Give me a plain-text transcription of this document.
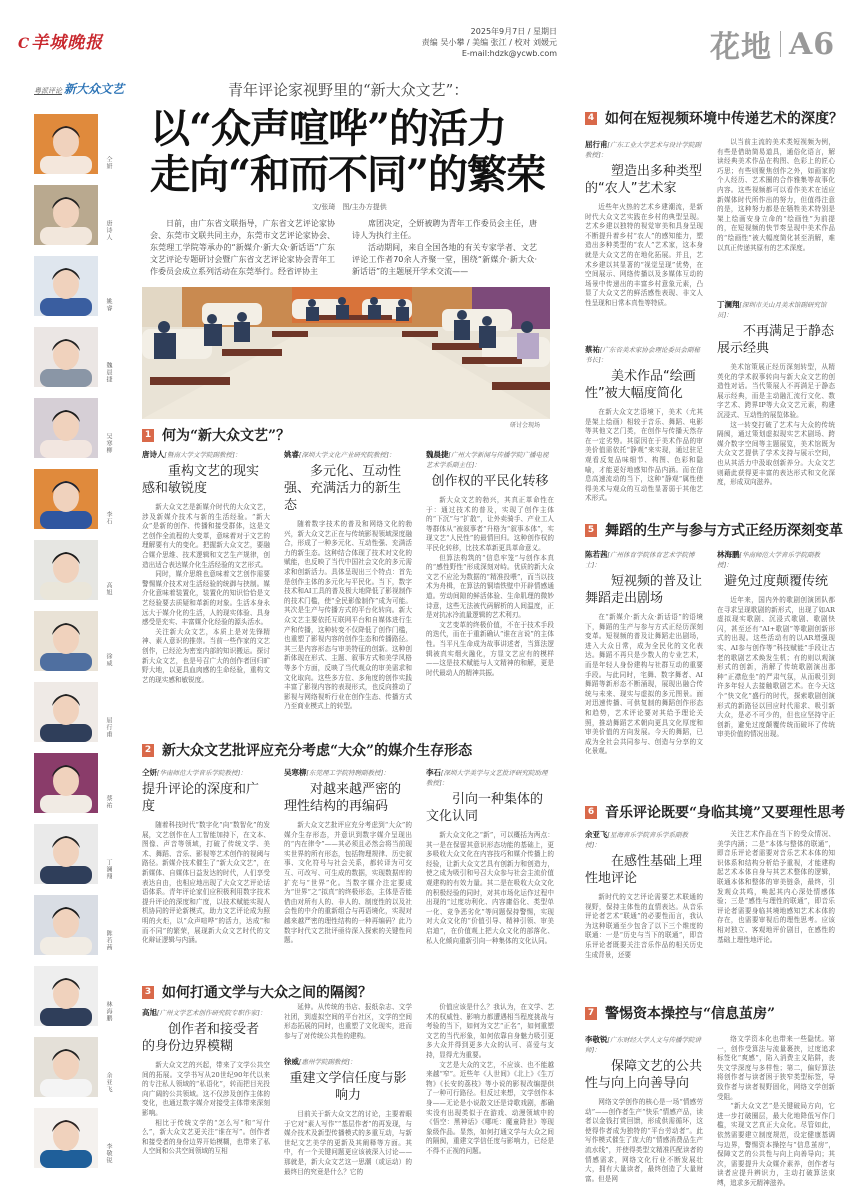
C羊城晚报
2025年9月7日 / 星期日
责编 吴小攀 / 美编 张江 / 校对 刘媛元
E-mail:hdzk@ycwb.com	花地 A6
粤派评论 新大众文艺	青年评论家视野里的“新大众文艺”：
以“众声喧哗”的活力
走向“和而不同”的繁荣
文/张琦　图/主办方提供

日前，由广东省文联指导，广东省文艺评论家协会、东莞市文联共同主办，东莞市文艺评论家协会、东莞理工学院等承办的“新媒介·新大众·新话语”广东文艺评论专题研讨会暨广东省文艺评论家协会青年工作委员会成立系列活动在东莞举行。经省评协主

席团决定，仝妍被聘为青年工作委员会主任，唐诗人为执行主任。

活动期间，来自全国各地的有关专家学者、文艺评论工作者70余人齐聚一堂，围绕“新媒介·新大众·新话语”的主题展开学术交流——

研讨会现场
仝妍
唐诗人
姚睿
魏晨捷
吴寒柳
李石
高旭
徐威
屈行甫
蔡祐
丁澜翔
陈若茜
林海鹏
余亚飞
李敬锐
1 何为“新大众文艺”？
唐诗人[暨南大学文学院副教授]：
重构文艺的现实感和敏锐度

新大众文艺是新媒介时代的大众文艺，涉及新媒介技术与新的生活经验。“新大众”是新的创作、传播和接受群体，这是文艺创作全流程的大变革，意味着对于文艺的理解要有大的变化。把握新大众文艺，要融合媒介思维、技术逻辑和文艺生产规律，创造出适合表达媒介化生活经验的文艺形式。

同时，媒介思维也意味着文艺创作需要警惕媒介技术对生活经验的统御与挟制。媒介化意味着装置化，装置化的知识恰恰是文艺经验要去质疑和革新的对象。生活本身永远大于媒介化的生活，人的现实体验、具身感受是充实、丰富媒介化经验的源头活水。

关注新大众文艺，本质上是对先锋精神、素人意识的推崇。当前一些作家的文艺创作，已经沦为密室内部的知识搬运。探讨新大众文艺，也是号召广大的创作者回归旷野大地，以更具血肉感的生命经验，重构文艺的现实感和敏锐度。

姚睿[深圳大学文化产业研究院教授]：
多元化、互动性强、充满活力的新生态

随着数字技术的普及和网络文化的勃兴，新大众文艺正在与传统影视领域深度融合，形成了一种多元化、互动性强、充满活力的新生态。这种结合体现了技术对文化的赋能，也反映了当代中国社会文化的多元需求和创新活力。具体呈现出三个特点：首先是创作主体的多元化与平民化。当下，数字技术和AI工具的普及极大地降低了影视制作的技术门槛，使“全民影像制作”成为可能。其次是生产与传播方式的平台化转向。新大众文艺主要依托互联网平台和自媒体进行生产和传播，这种转变不仅降低了创作门槛，也重塑了影视内容的创作生态和传播路径。其三是内容形态与审美特征的创新。这种创新体现在形式、主题、叙事方式和美学风格等多个方面，反映了当代观众的审美需求和文化取向。这些多方位、多角度的创作实践丰富了影视内容的表现形式，也反向推动了影视与网络视听行业在创作生态、传播方式乃至商业模式上的转型。

魏晨捷[广州大学新闻与传播学院广播电视艺术学系副主任]：
创作权的平民化转移

新大众文艺的勃兴，其真正革命性在于：通过技术的普及，实现了创作主体的“下沉”与“扩散”，让外卖骑手、产业工人等群体从“被叙事者”升格为“叙事本体”，实现文艺“人民性”的最情回归。这种创作权的平民化转移，比技术革新更具革命意义。

但算法构筑的“信息牢笼”与创作本真的“感性野性”形成深刻对峙。优质的新大众文艺不应沦为数据的“精准投喂”，而当以技术为舟楫，在算法的铜墙铁壁中开辟情感通道。劳动间隙的鲜活体验、生命肌理的微妙诗意，这些无法被代码解析的人间温度，正是对抗冰冷流量逻辑的艺术利刃。

文艺变革的终极价值，不在于技术手段的迭代，而在于重新确认“谁在言说”的主体性。当平凡生命成为故事讲述者，当算法逻辑被真实烟火融化，方显文艺应有的模样——这是技术赋能与人文精神的和解，更是时代最动人的精神共振。

2 新大众文艺批评应充分考虑“大众”的媒介生存形态
仝妍[华南师范大学音乐学院教授]：
提升评论的深度和广度

随着科技时代“数字化”向“数智化”的发展，文艺创作在人工智能加持下，在文本、图像、声音等领域，打破了传统文学、美术、舞蹈、音乐、影视等艺术创作的视阈与路径。新媒介技术催生了“新大众文艺”，在新媒体、自媒体日益发达的时代，人们享受表达自由，也相应地出现了大众文艺评论话语体系。青年评论家们应积极利用数字技术提升评论的深度和广度，以技术赋能实现人机协同的评论新模式，助力文艺评论成为照明的火炬，以“众声喧哗”的活力，达成“和而不同”的繁荣，展现新大众文艺时代的文化辩证逻辑与内涵。

吴寒柳[东莞理工学院特聘副教授]：
对越来越严密的理性结构的再编码

新大众文艺批评应充分考虑到“大众”的媒介生存形态，并意识到数字媒介呈现出的“内在律令”——其必须且必然会将当前现实世界的所有形态，包括物理规律、历史叙事、文化符号与社会关系，都转译为可交互、可改写、可生成的数据，实现数据库的扩充与“世界”化。当数字媒介注定要成为“世界”之“拟真”的终极形态，主体是否能借由对所有人的、非人的、制度性的以及社会性的中介的重新组合与再语境化，实现对越来越严密的理性结构的一种再编码？此乃数字时代文艺批评亟待深入探索的关键性问题。

李石[深圳大学美学与文艺批评研究院助理教授]：
引向一种集体的文化认同

新大众文化之“新”，可以概括为两点：其一是在保留其意识形态功能的基础上，更多吸收大众文化在内容技巧和媒介传播上的经验，让新大众文艺具有创新力和创造力，使之成为吸引和号召大众参与社会主流价值观建构的有效力量。其二是在吸收大众文化的积极经验的同时，对其市场化运作过程中出现的“过度功利化、内容庸俗化、类型单一化、竞争恶劣化”等问题保持警惕，实现对大众文化的“价值引导、精神引领、审美启迪”，在价值观上把大众文化的部落化、私人化倾向重新引向一种集体的文化认同。

3 如何打通文学与大众之间的隔阂？
高旭[广州文学艺术创作研究院专职作家]：
创作者和接受者的身份边界模糊

新大众文艺的兴起，带来了文学公共空间的拓展。文学书写从20世纪90年代以来的专注私人领域的“私语化”，转而把目光投向广阔的公共领域。这不仅涉及创作主体的变化，也通过数字媒介对接受主体带来深刻影响。

相比于传统文学的“怎么写”和“写什么”，新大众文艺更关注“谁在写”。创作者和接受者的身份边界开始模糊，也带来了私人空间和公共空间领域的互相

延伸。从传统的书店、报纸杂志、文学社团，到虚拟空间的平台社区，文学的空间形态拓展的同时，也重塑了文化现实，进而参与了对传统公共性的建构。

徐威[惠州学院副教授]：
重建文学信任度与影响力

目前关于新大众文艺的讨论，主要着眼于它对“素人写作”“基层作者”的再发现，与媒介技术及新型传播模式的多重互动，与新世纪文艺美学的更新及其阐释等方面。其中，有一个关键问题更应该被深入讨论——那就是，新大众文艺这一思潮（或运动）的最终目的究竟是什么？它的

价值应该是什么？我认为，在文学、艺术的权威性、影响力都遭遇相当程度挑战与考验的当下，如何为文艺“正名”，如何重塑文艺的当代形象，如何依靠自身魅力吸引更多大众并得到更多大众的认可、喜爱与支持，显得尤为重要。

文艺是大众的文艺，不应该、也不能越来越“窄”。近些年《人世间》《北上》《生万物》《长安的荔枝》等小说的影视改编提供了一种可行路径。但反过来想，文学创作本身——无论是小说散文还是诗歌戏剧，都确实没有出现类似于在游戏、动漫领域中的《悟空：黑神话》《哪吒：魔童降世》等现象级作品。显然，如何打通文学与大众之间的隔阂，重建文学信任度与影响力，已经是不得不正视的问题。

4 如何在短视频环境中传递艺术的深度？
屈行甫[广东工业大学艺术与设计学院副教授]：
塑造出多种类型的“农人”艺术家

近些年火热的艺术乡建潮流，是新时代大众文艺实践在乡村的典型呈现。艺术乡建以独特的视觉审美和具身呈现不断提升着乡村“农人”的感知能力，塑造出多种类型的“农人”艺术家，这本身就是大众文艺的在地化拓展。并且，艺术乡建以其显著的“视觉呈现”优势，在空间展示、网络传播以及多媒体互动的场景中传递出的丰富乡村意象元素，凸显了大众文艺的鲜活感性表现、非文人性呈现和日常本真性等特质。

蔡祐[广东省美术家协会理论委员会副秘书长]：
美术作品“绘画性”被大幅度简化

在新大众文艺语境下，美术（尤其是架上绘画）相较于音乐、舞蹈、电影等其他文艺门类，在创作与传播天然存在一定劣势。其原因在于美术作品的审美价值需依托“静观”来实现，通过驻足观看反复品味细节、构图、色彩和隐喻，才能更好地感知作品内涵。而在信息高速流动的当下，这种“静观”属性使得美术与观众的互动性显著弱于其他艺术形式。

以当前主流的美术类短视频为例，有些是借助简易道具，通俗化语言，解读经典美术作品在构图、色彩上的匠心巧思；有些则聚焦创作之外，如画家的个人经历、艺术圈的合作雅集等故事化内容。这些视频都可以看作美术在适应新媒体时代所作出的努力，但值得注意的是，这种努力都是在牺牲美术特别是架上绘画安身立命的“绘画性”为前提的，在短视频的快节奏呈现中美术作品的“绘画性”被大幅度简化甚至消解，难以真正传递其原有的艺术深度。

丁澜翔[深圳市关山月美术馆副研究馆员]：
不再满足于静态展示经典

美术馆策展正经历深刻转型，从精英化的学术叙事转向与新大众文艺的创造性对话。当代策展人不再满足于静态展示经典，而是主动融汇流行文化、数字艺术、跨界IP等大众文艺元素，构建沉浸式、互动性的展览体验。

这一转变打破了艺术与大众的传统隔阂，通过策划虚拟现实艺术剧场、跨媒介数字空间等主题展览，美术馆既为大众文艺提供了学术支持与展示空间，也从其活力中汲取创新养分。大众文艺则藉此获得更丰富的表达形式和文化深度，形成双向滋养。

5 舞蹈的生产与参与方式正经历深刻变革
陈若茜[广州体育学院体育艺术学院博士]：
短视频的普及让舞蹈走出剧场

在“新媒介·新大众·新话语”的语境下，舞蹈的生产与参与方式正经历深刻变革。短视频的普及让舞蹈走出剧场，进入大众日常，成为全民化的文化表达。舞蹈不再只是少数人的专业艺术，而是年轻人身份建构与社群互动的重要手段。与此同时，宅舞、数字舞者、AI舞蹈等新形态不断涌现，展现出融合传统与未来、现实与虚拟的多元图景。面对迅速传播、可供复制的舞蹈创作形态和趋势，艺术评论要对其给予理论关照，推动舞蹈艺术朝向更具文化厚度和审美价值的方向发展。今天的舞蹈，已成为全社会共同参与、创造与分享的文化景观。

林海鹏[华南师范大学音乐学院副教授]：
避免过度颠覆传统

近年来，国内外的歌剧创演团队都在寻求呈现歌剧的新形式，出现了如AR虚拟现实歌剧、沉浸式歌剧、歌剧快闪，甚至还有“AI+歌剧”等歌剧创新形式的出现。这些活动有的以AR增强现实、AI参与创作等“科技赋能”手段让古老的歌剧艺术焕发生机；有的则以观演形式的创新，消解了传统歌剧演出那种“正襟危坐”的严肃气氛，从而吸引到许多年轻人去接触歌剧艺术。在今天这个“快文化”盛行的时代，探索歌剧创演形式的新路径以回应时代需求、吸引新大众，是必不可少的，但也应坚持守正创新，避免过度颠覆传统而破坏了传统审美价值的情况出现。

6 音乐评论既要“身临其境”又要理性思考
余亚飞[星海音乐学院音乐学系副教授]：
在感性基础上理性地评论

新时代的文艺评论需要艺术联通的视野，保持主体性的直情表达。从音乐评论者艺术“联通”的必要性而言，我认为这种联通至少包含了以下三个维度的联通：一是“历史与当下的联通”，即音乐评论者既要关注音乐作品的相关历史生成背景，还要

关注艺术作品在当下的受众情况、美学内涵；二是“本体与整体的联通”，即音乐评论者需要对音乐艺术本体的知识体系和结构分析给予重视，才能建构起艺术本体自身与其艺术整体的逻辑，联通本体和整体的审美链条，最终，引发观众共鸣，唤起其内心深处情感体验；三是“感性与理性的联通”，即音乐评论者需要身临其境地感知艺术本体的存在，也需要审视后的理性思考。应该相对独立、客观地评价剧目，在感性的基础上理性地评论。

7 警惕资本操控与“信息茧房”
李敬锐[广东财经大学人文与传播学院讲师]：
保障文艺的公共性与向上向善导向

网络文学创作的核心是一场“情感劳动”——创作者生产“快乐”情感产品，读者以金钱打赏回馈，形成供需循环，这使得作者成为独特的“平台劳动者”。此写作模式催生了庞大的“情感消费品生产流水线”，并使得类型文精准匹配读者的情感需求，网络文化行业不断发展壮大，拥有大量读者，最终创造了大量财富。但是网

络文学资本化也带来一些隐忧。第一，创作受算法与流量裹挟，过度追求标签化“爽感”，陷入消费主义陷阱，丧失文学深度与多样性；第二，偏好算法将创作者与读者困于狭窄类型标签，导致作者与读者视野固化，网络文学创新受阻。

“新大众文艺”是关键破局方向，它进一步打破圈层，最大化地降低写作门槛，实现文艺真正大众化。尽管如此，依然需要建立制度规范，设定健康基调与边界，警惕资本操控与“信息茧房”，保障文艺的公共性与向上向善导向；其次，需要提升大众媒介素养，创作者与读者应提升辨识力，主动打破算法束缚，追求多元精神滋养。
